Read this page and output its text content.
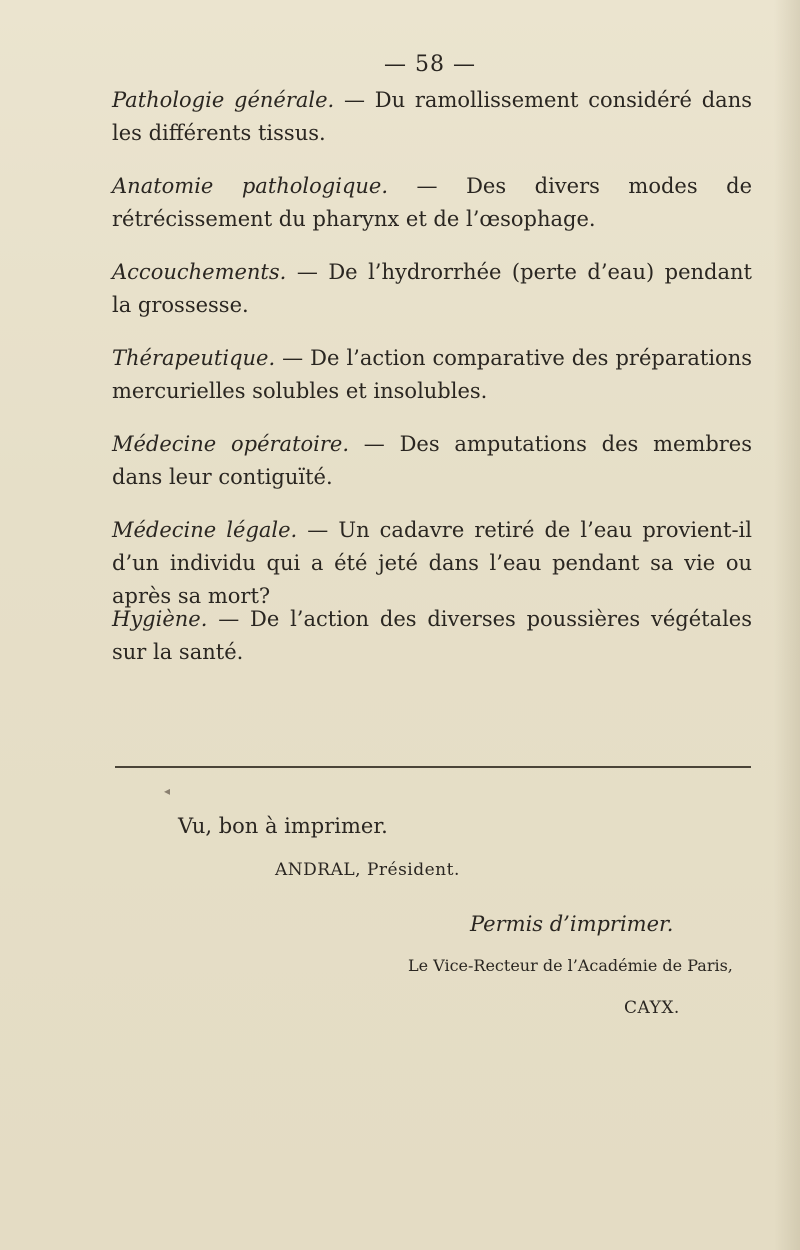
— 58 —

Pathologie générale. — Du ramollissement considéré dans les différents tissus.

Anatomie pathologique. — Des divers modes de rétrécissement du pharynx et de l’œsophage.

Accouchements. — De l’hydrorrhée (perte d’eau) pendant la grossesse.

Thérapeutique. — De l’action comparative des préparations mercurielles solubles et insolubles.

Médecine opératoire. — Des amputations des membres dans leur contiguïté.

Médecine légale. — Un cadavre retiré de l’eau provient-il d’un individu qui a été jeté dans l’eau pendant sa vie ou après sa mort?

Hygiène. — De l’action des diverses poussières végétales sur la santé.

◂
Vu, bon à imprimer.
ANDRAL, Président.
Permis d’imprimer.
Le Vice-Recteur de l’Académie de Paris,
CAYX.
